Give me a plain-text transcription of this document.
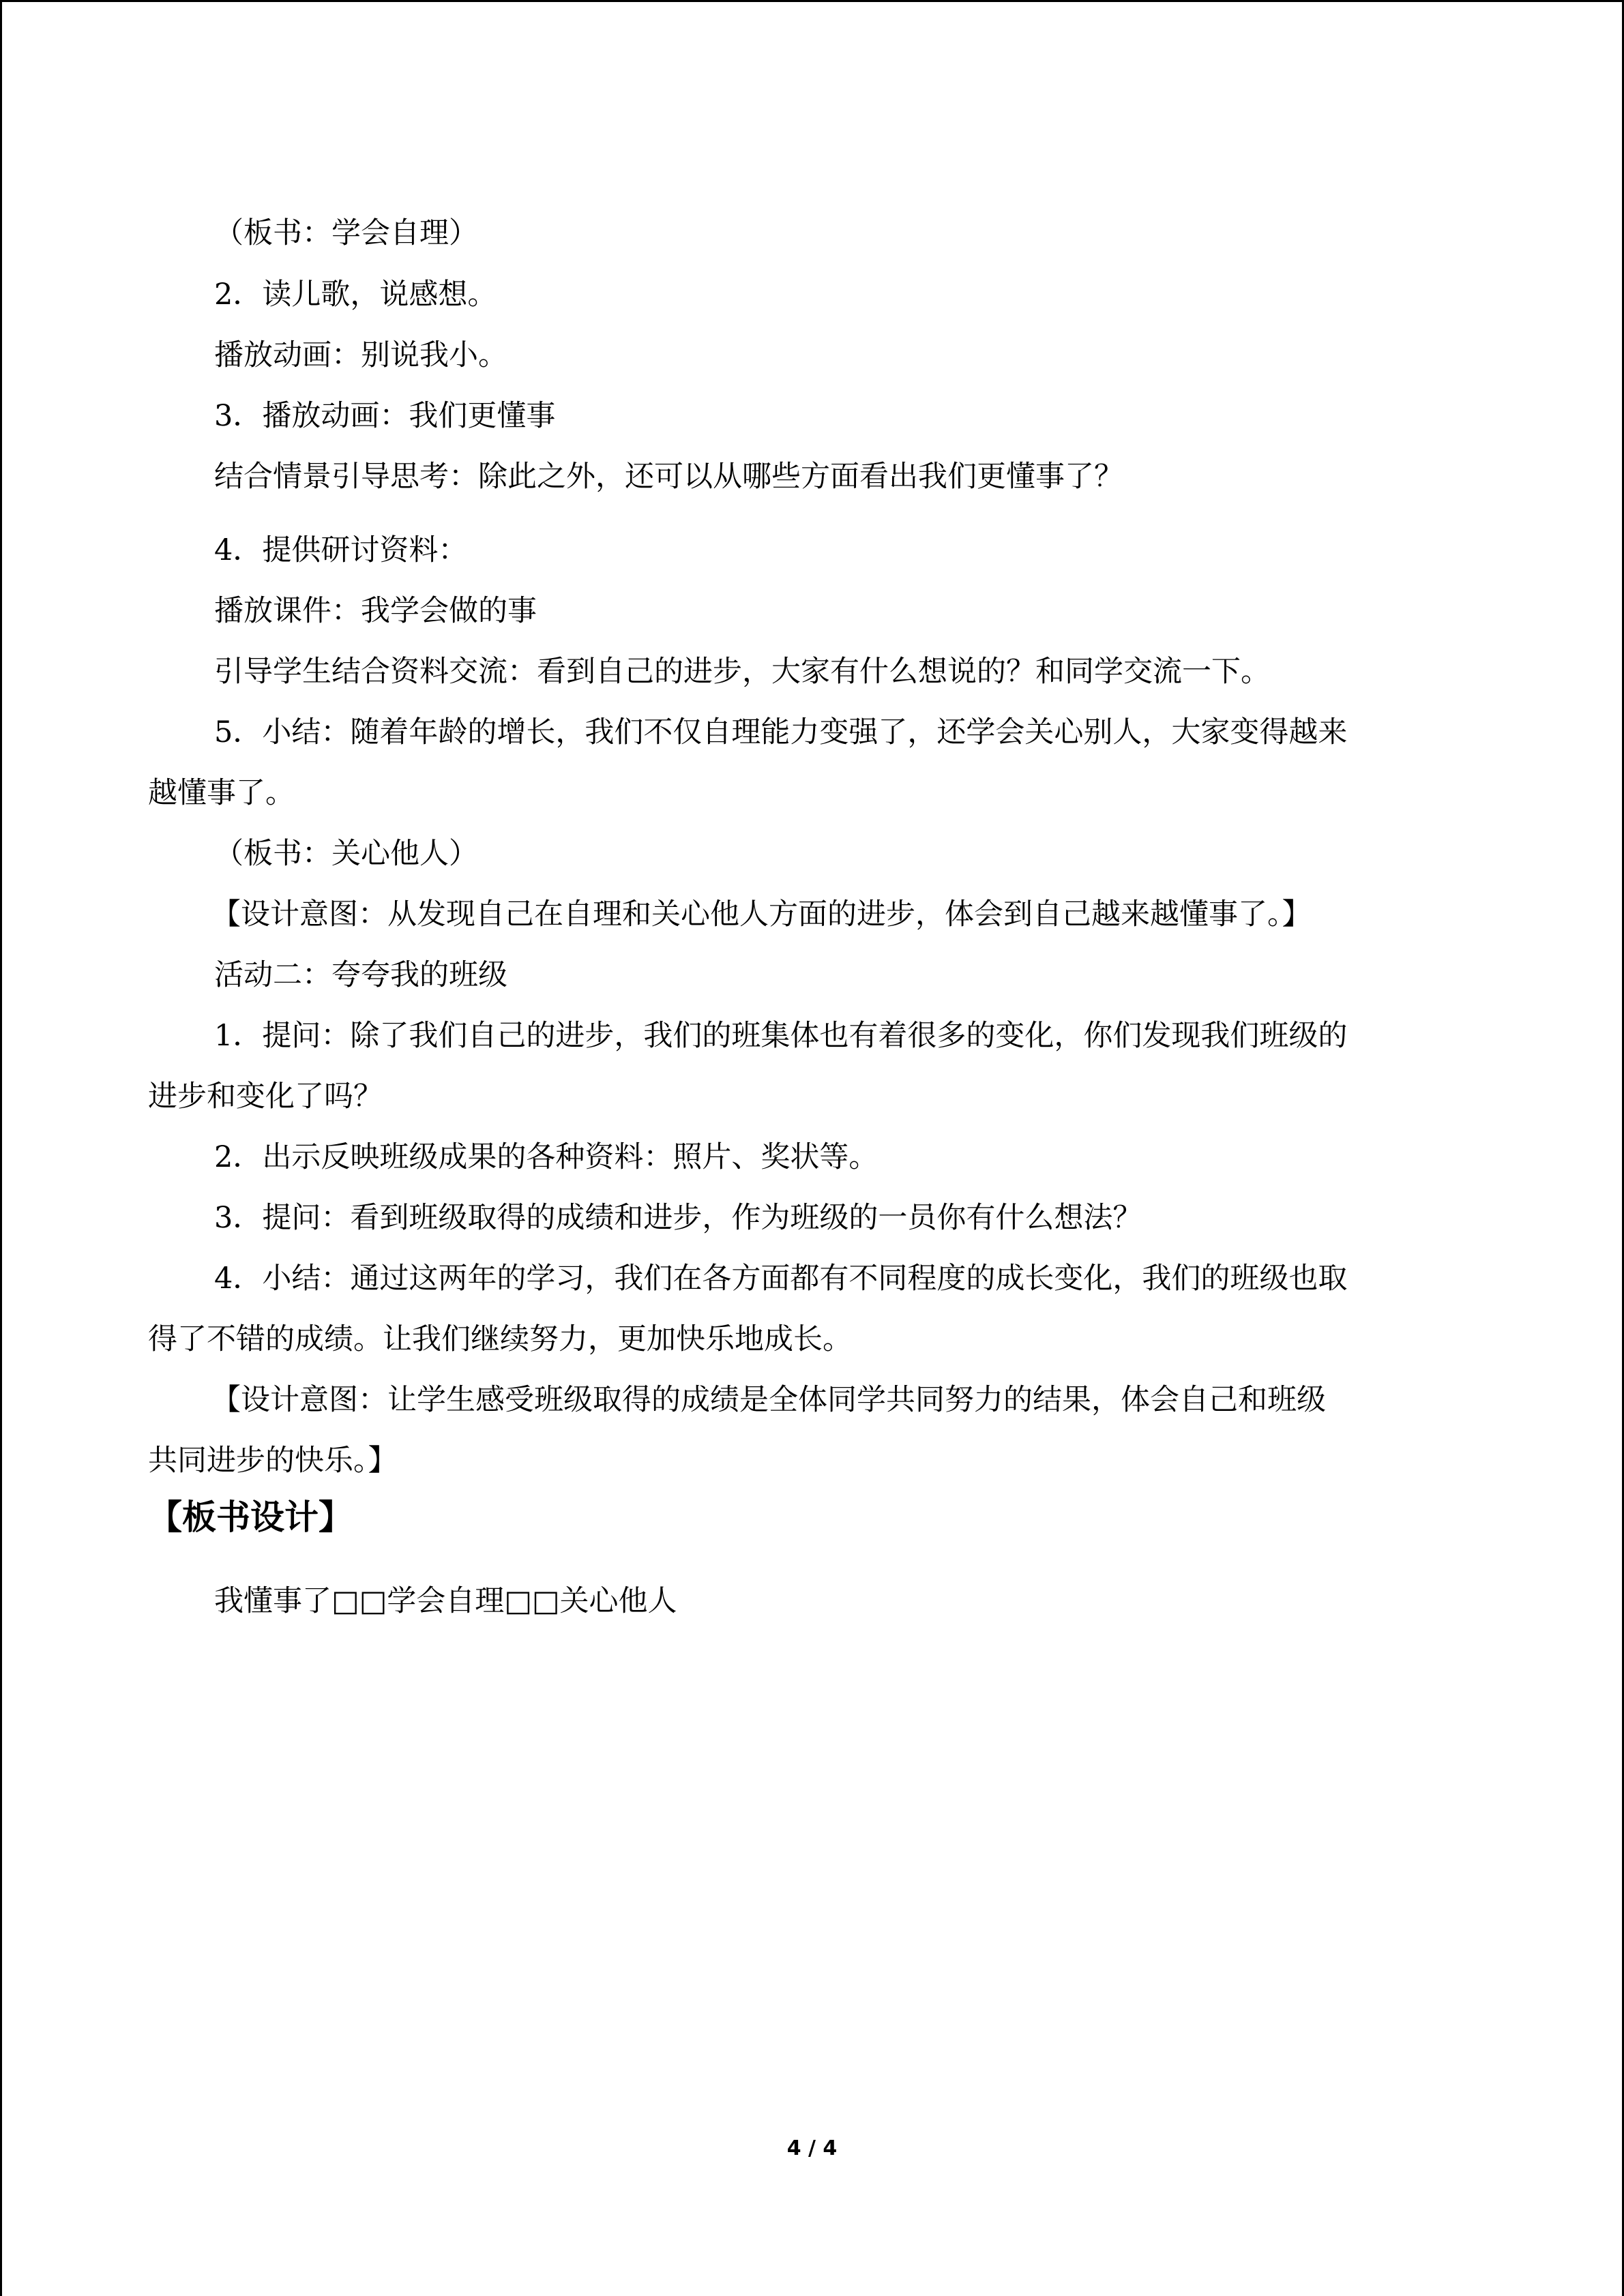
（板书：学会自理）
2．读儿歌，说感想。
播放动画：别说我小。
3．播放动画：我们更懂事
结合情景引导思考：除此之外，还可以从哪些方面看出我们更懂事了？
4．提供研讨资料：
播放课件：我学会做的事
引导学生结合资料交流：看到自己的进步，大家有什么想说的？和同学交流一下。
5．小结：随着年龄的增长，我们不仅自理能力变强了，还学会关心别人，大家变得越来
越懂事了。
（板书：关心他人）
【设计意图：从发现自己在自理和关心他人方面的进步，体会到自己越来越懂事了。】
活动二：夸夸我的班级
1．提问：除了我们自己的进步，我们的班集体也有着很多的变化，你们发现我们班级的
进步和变化了吗？
2．出示反映班级成果的各种资料：照片、奖状等。
3．提问：看到班级取得的成绩和进步，作为班级的一员你有什么想法？
4．小结：通过这两年的学习，我们在各方面都有不同程度的成长变化，我们的班级也取
得了不错的成绩。让我们继续努力，更加快乐地成长。
【设计意图：让学生感受班级取得的成绩是全体同学共同努力的结果，体会自己和班级
共同进步的快乐。】
【板书设计】
我懂事了□□学会自理□□关心他人
4 / 4
